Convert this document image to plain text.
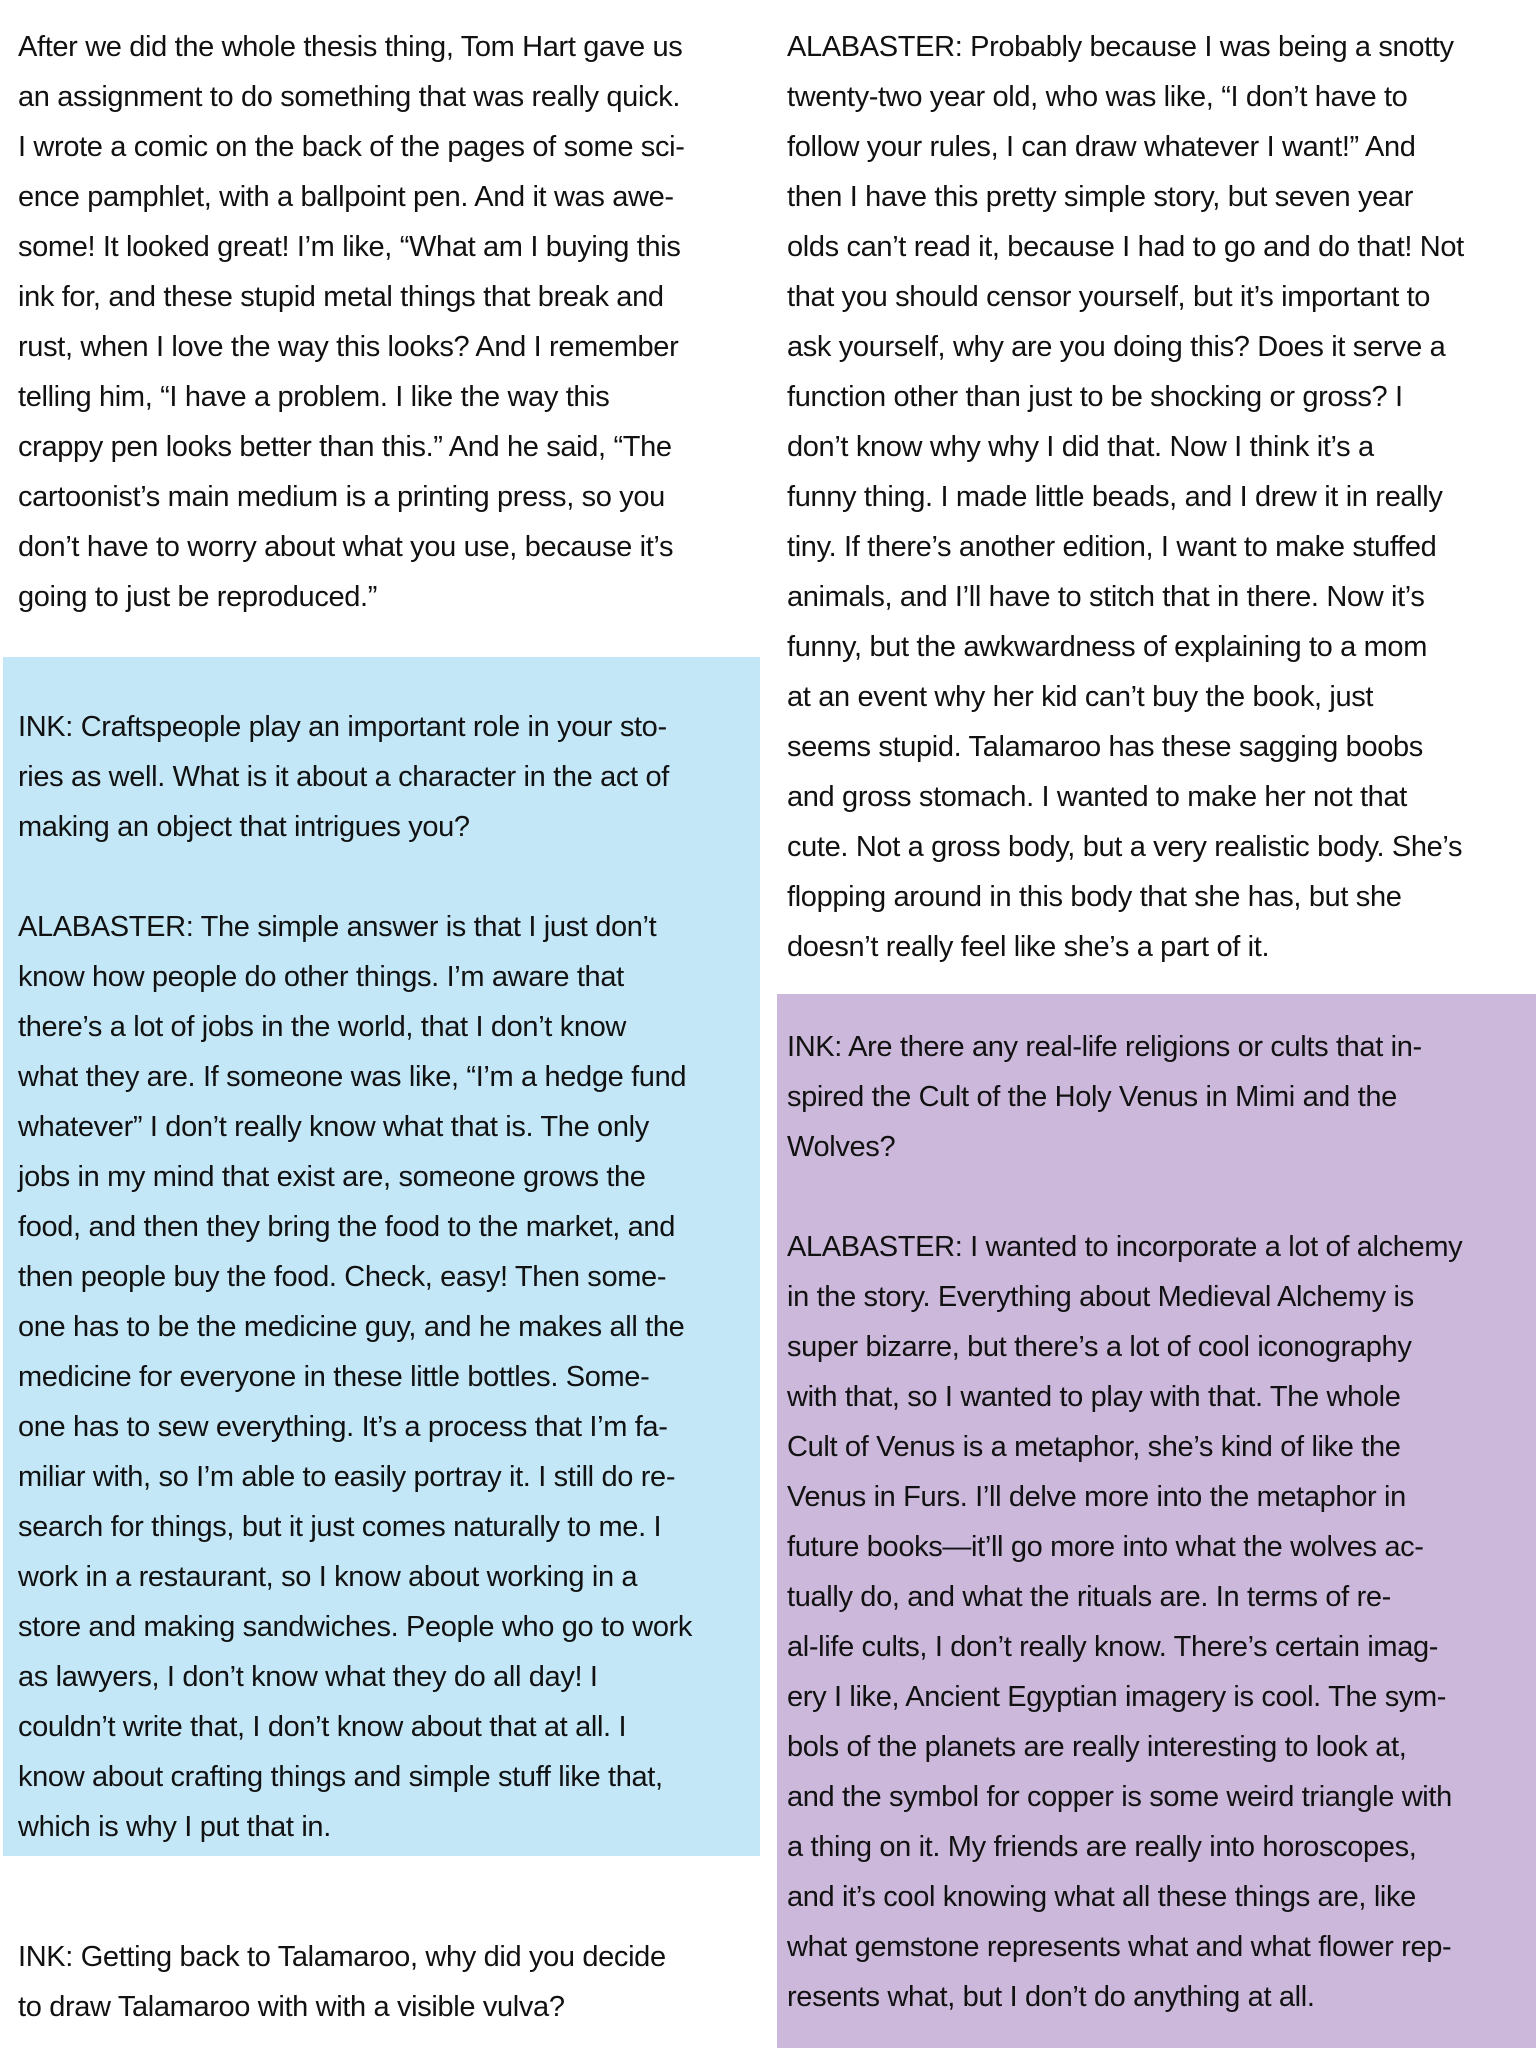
After we did the whole thesis thing, Tom Hart gave us
an assignment to do something that was really quick.
I wrote a comic on the back of the pages of some sci-
ence pamphlet, with a ballpoint pen. And it was awe-
some! It looked great! I’m like, “What am I buying this
ink for, and these stupid metal things that break and
rust, when I love the way this looks? And I remember
telling him, “I have a problem. I like the way this
crappy pen looks better than this.” And he said, “The
cartoonist’s main medium is a printing press, so you
don’t have to worry about what you use, because it’s
going to just be reproduced.”

INK: Craftspeople play an important role in your sto-
ries as well. What is it about a character in the act of
making an object that intrigues you?

ALABASTER: The simple answer is that I just don’t
know how people do other things. I’m aware that
there’s a lot of jobs in the world, that I don’t know
what they are. If someone was like, “I’m a hedge fund
whatever” I don’t really know what that is. The only
jobs in my mind that exist are, someone grows the
food, and then they bring the food to the market, and
then people buy the food. Check, easy! Then some-
one has to be the medicine guy, and he makes all the
medicine for everyone in these little bottles. Some-
one has to sew everything. It’s a process that I’m fa-
miliar with, so I’m able to easily portray it. I still do re-
search for things, but it just comes naturally to me. I
work in a restaurant, so I know about working in a
store and making sandwiches. People who go to work
as lawyers, I don’t know what they do all day! I
couldn’t write that, I don’t know about that at all. I
know about crafting things and simple stuff like that,
which is why I put that in.

INK: Getting back to Talamaroo, why did you decide
to draw Talamaroo with with a visible vulva?

ALABASTER: Probably because I was being a snotty
twenty-two year old, who was like, “I don’t have to
follow your rules, I can draw whatever I want!” And
then I have this pretty simple story, but seven year
olds can’t read it, because I had to go and do that! Not
that you should censor yourself, but it’s important to
ask yourself, why are you doing this? Does it serve a
function other than just to be shocking or gross? I
don’t know why why I did that. Now I think it’s a
funny thing. I made little beads, and I drew it in really
tiny. If there’s another edition, I want to make stuffed
animals, and I’ll have to stitch that in there. Now it’s
funny, but the awkwardness of explaining to a mom
at an event why her kid can’t buy the book, just
seems stupid. Talamaroo has these sagging boobs
and gross stomach. I wanted to make her not that
cute. Not a gross body, but a very realistic body. She’s
flopping around in this body that she has, but she
doesn’t really feel like she’s a part of it.

INK: Are there any real-life religions or cults that in-
spired the Cult of the Holy Venus in Mimi and the
Wolves?

ALABASTER: I wanted to incorporate a lot of alchemy
in the story. Everything about Medieval Alchemy is
super bizarre, but there’s a lot of cool iconography
with that, so I wanted to play with that. The whole
Cult of Venus is a metaphor, she’s kind of like the
Venus in Furs. I’ll delve more into the metaphor in
future books—it’ll go more into what the wolves ac-
tually do, and what the rituals are. In terms of re-
al-life cults, I don’t really know. There’s certain imag-
ery I like, Ancient Egyptian imagery is cool. The sym-
bols of the planets are really interesting to look at,
and the symbol for copper is some weird triangle with
a thing on it. My friends are really into horoscopes,
and it’s cool knowing what all these things are, like
what gemstone represents what and what flower rep-
resents what, but I don’t do anything at all.
